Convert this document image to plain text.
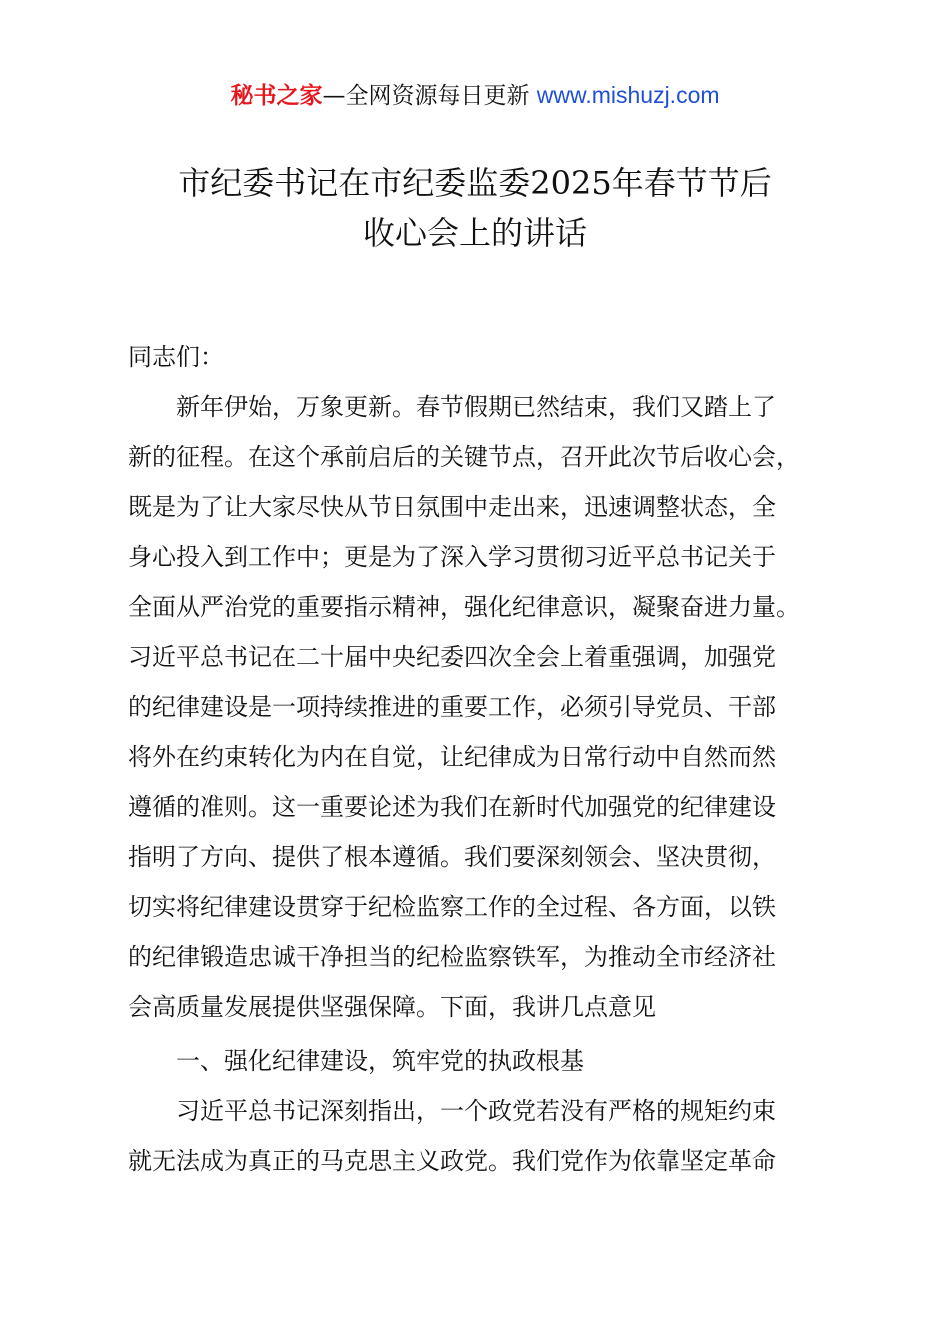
秘书之家—全网资源每日更新 www.mishuzj.com
市纪委书记在市纪委监委2025年春节节后
收心会上的讲话

同志们：

新年伊始，万象更新。春节假期已然结束，我们又踏上了
新的征程。在这个承前启后的关键节点，召开此次节后收心会，
既是为了让大家尽快从节日氛围中走出来，迅速调整状态，全
身心投入到工作中；更是为了深入学习贯彻习近平总书记关于
全面从严治党的重要指示精神，强化纪律意识，凝聚奋进力量。
习近平总书记在二十届中央纪委四次全会上着重强调，加强党
的纪律建设是一项持续推进的重要工作，必须引导党员、干部
将外在约束转化为内在自觉，让纪律成为日常行动中自然而然
遵循的准则。这一重要论述为我们在新时代加强党的纪律建设
指明了方向、提供了根本遵循。我们要深刻领会、坚决贯彻，
切实将纪律建设贯穿于纪检监察工作的全过程、各方面，以铁
的纪律锻造忠诚干净担当的纪检监察铁军，为推动全市经济社
会高质量发展提供坚强保障。下面，我讲几点意见

一、强化纪律建设，筑牢党的执政根基

习近平总书记深刻指出，一个政党若没有严格的规矩约束
就无法成为真正的马克思主义政党。我们党作为依靠坚定革命
